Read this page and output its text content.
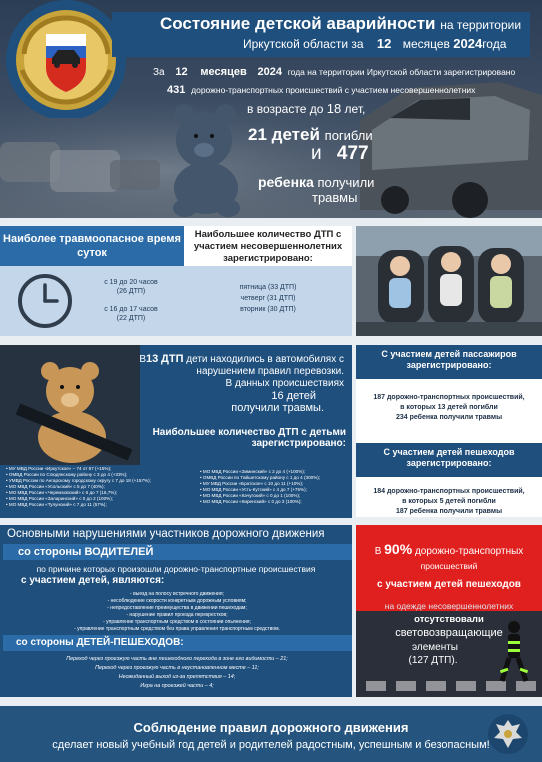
Состояние детской аварийности на территории
Иркутской области за 12 месяцев 2024года
За 12 месяцев 2024 года на территории Иркутской области зарегистрировано
431 дорожно-транспортных происшествий с участием несовершеннолетних
в возрасте до 18 лет,
21 детей погибли
и 477
ребенка получили
травмы
Наиболее травмоопасное время суток
с 19 до 20 часов
(26 ДТП)
с 16 до 17 часов
(22 ДТП)
Наибольшее количество ДТП с участием несовершеннолетних зарегистрировано:
пятница (33 ДТП)
четверг (31 ДТП)
вторник (30 ДТП)
В13 ДТП дети находились в автомобилях с
нарушением правил перевозки.
В данных происшествиях
16 детей
получили травмы.
Наибольшее количество ДТП с детьми зарегистрировано:
• МУ МВД России «Иркутское» – 74 от 87 (+15%);
• ОМВД России по Слюдянскому району с 3 до 4 (+33%);
• УМВД России по Ангарскому городскому округу с 7 до 18 (+157%);
• МО МВД России «Усольский» с 5 до 7 (40%);
• МО МВД России «Черемховский» с 6 до 7 (16,7%);
• МО МВД России «Заларинский» с 0 до 2 (100%);
• МО МВД России «Тулунский» с 7 до 11 (57%);
• МО МВД России «Зиминский» с 2 до 4 (+100%);
• ОМВД России по Тайшетскому району с 1 до 4 (300%);
• МУ МВД России «Братское» с 10 до 11 (+10%);
• МО МВД России «Усть-Кутский» с 4 до 7 (+75%);
• МО МВД России «Качугский» с 0 до 1 (100%);
• МО МВД России «Киренский» с 0 до 3 (100%);
С участием детей пассажиров зарегистрировано:
187 дорожно-транспортных происшествий,
в которых 13 детей погибли
234 ребенка получили травмы
С участием детей пешеходов зарегистрировано:
184 дорожно-транспортных происшествий,
в которых 5 детей погибли
187 ребенка получили травмы
Основными нарушениями участников дорожного движения
со стороны ВОДИТЕЛЕЙ
по причине которых произошли дорожно-транспортные происшествия
с участием детей, являются:
- выезд на полосу встречного движения;
- несоблюдение скорости конкретным дорожным условиям;
- непредоставление преимущества в движении пешеходам;
- нарушение правил проезда перекрестков;
- управление транспортным средством в состоянии опьянения;
- управление транспортным средством без права управления транспортным средством.
со стороны ДЕТЕЙ-ПЕШЕХОДОВ:
Переход через проезжую часть вне пешеходного перехода в зоне его видимости – 21;
Переход через проезжую часть в неустановленном месте – 11;
Неожиданный выход из-за препятствия – 14;
Игра на проезжей части – 4;
В 90% дорожно-транспортных
происшествий
с участием детей пешеходов
на одежде несовершеннолетних
отсутствовали
световозвращающие
элементы
(127 ДТП).
Соблюдение правил дорожного движения
сделает новый учебный год детей и родителей радостным, успешным и безопасным!
